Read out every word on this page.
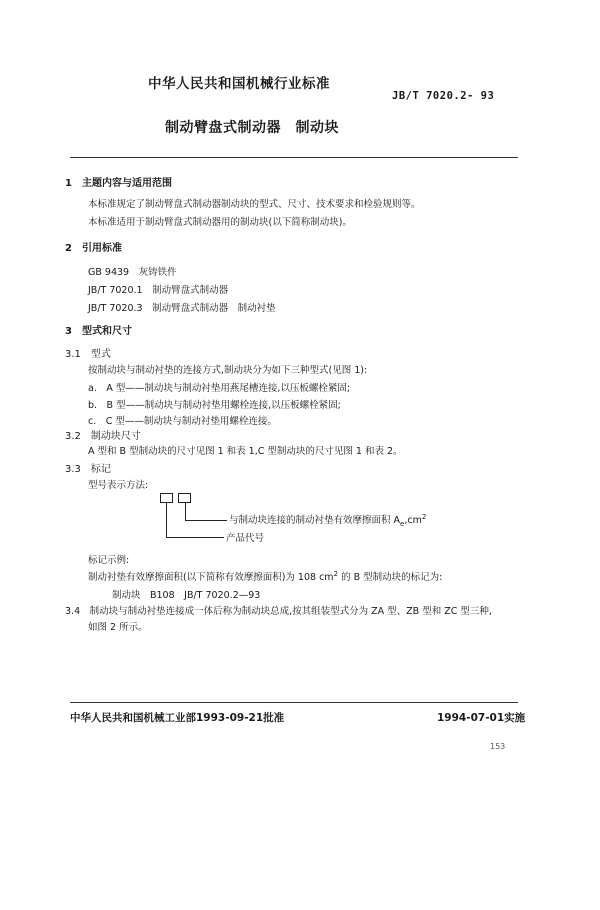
中华人民共和国机械行业标准
JB/T 7020.2- 93
制动臂盘式制动器　制动块
1　主题内容与适用范围
本标准规定了制动臂盘式制动器制动块的型式、尺寸、技术要求和检验规则等。
本标准适用于制动臂盘式制动器用的制动块(以下简称制动块)。
2　引用标准
GB 9439　灰铸铁件
JB/T 7020.1　制动臂盘式制动器
JB/T 7020.3　制动臂盘式制动器　制动衬垫
3　型式和尺寸
3.1　型式
按制动块与制动衬垫的连接方式,制动块分为如下三种型式(见图 1):
a.　A 型——制动块与制动衬垫用燕尾槽连接,以压板螺栓紧固;
b.　B 型——制动块与制动衬垫用螺栓连接,以压板螺栓紧固;
c.　C 型——制动块与制动衬垫用螺栓连接。
3.2　制动块尺寸
A 型和 B 型制动块的尺寸见图 1 和表 1,C 型制动块的尺寸见图 1 和表 2。
3.3　标记
型号表示方法:
与制动块连接的制动衬垫有效摩擦面积 $A_e,cm^2$
产品代号
标记示例:
制动衬垫有效摩擦面积(以下简称有效摩擦面积)为 108 $cm^2$ 的 B 型制动块的标记为:
制动块　B108　JB/T 7020.2—93
3.4　制动块与制动衬垫连接成一体后称为制动块总成,按其组装型式分为 ZA 型、ZB 型和 ZC 型三种,
如图 2 所示。
中华人民共和国机械工业部1993-09-21批准	1994-07-01实施
153
